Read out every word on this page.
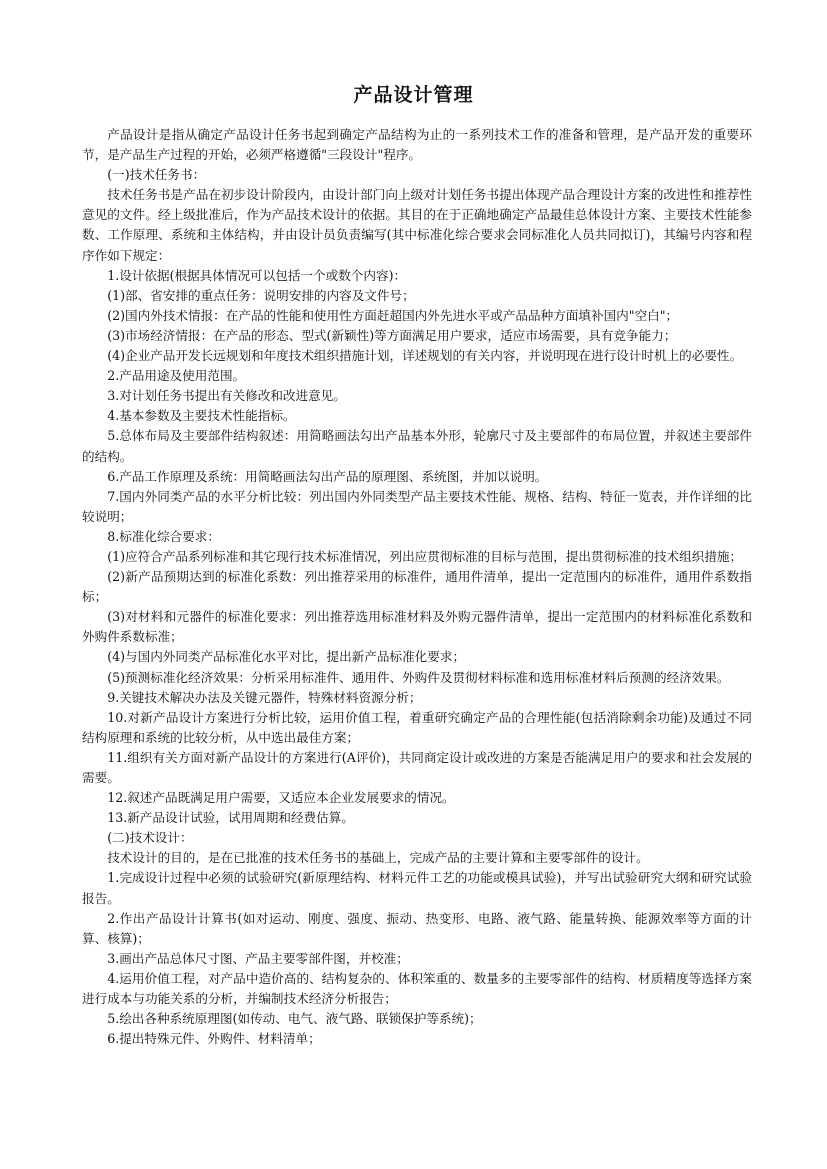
产品设计管理

产品设计是指从确定产品设计任务书起到确定产品结构为止的一系列技术工作的准备和管理，是产品开发的重要环节，是产品生产过程的开始，必须严格遵循"三段设计"程序。

(一)技术任务书：

技术任务书是产品在初步设计阶段内，由设计部门向上级对计划任务书提出体现产品合理设计方案的改进性和推荐性意见的文件。经上级批准后，作为产品技术设计的依据。其目的在于正确地确定产品最佳总体设计方案、主要技术性能参数、工作原理、系统和主体结构，并由设计员负责编写(其中标准化综合要求会同标准化人员共同拟订)，其编号内容和程序作如下规定：

1.设计依据(根据具体情况可以包括一个或数个内容)：

(1)部、省安排的重点任务：说明安排的内容及文件号；

(2)国内外技术情报：在产品的性能和使用性方面赶超国内外先进水平或产品品种方面填补国内"空白"；

(3)市场经济情报：在产品的形态、型式(新颖性)等方面满足用户要求，适应市场需要，具有竞争能力；

(4)企业产品开发长远规划和年度技术组织措施计划，详述规划的有关内容，并说明现在进行设计时机上的必要性。

2.产品用途及使用范围。

3.对计划任务书提出有关修改和改进意见。

4.基本参数及主要技术性能指标。

5.总体布局及主要部件结构叙述：用简略画法勾出产品基本外形，轮廓尺寸及主要部件的布局位置，并叙述主要部件的结构。

6.产品工作原理及系统：用简略画法勾出产品的原理图、系统图，并加以说明。

7.国内外同类产品的水平分析比较：列出国内外同类型产品主要技术性能、规格、结构、特征一览表，并作详细的比较说明；

8.标准化综合要求：

(1)应符合产品系列标准和其它现行技术标准情况，列出应贯彻标准的目标与范围，提出贯彻标准的技术组织措施；

(2)新产品预期达到的标准化系数：列出推荐采用的标准件，通用件清单，提出一定范围内的标准件，通用件系数指标；

(3)对材料和元器件的标准化要求：列出推荐选用标准材料及外购元器件清单，提出一定范围内的材料标准化系数和外购件系数标准；

(4)与国内外同类产品标准化水平对比，提出新产品标准化要求；

(5)预测标准化经济效果：分析采用标准件、通用件、外购件及贯彻材料标准和选用标准材料后预测的经济效果。

9.关键技术解决办法及关键元器件，特殊材料资源分析；

10.对新产品设计方案进行分析比较，运用价值工程，着重研究确定产品的合理性能(包括消除剩余功能)及通过不同结构原理和系统的比较分析，从中选出最佳方案；

11.组织有关方面对新产品设计的方案进行(A评价)，共同商定设计或改进的方案是否能满足用户的要求和社会发展的需要。

12.叙述产品既满足用户需要，又适应本企业发展要求的情况。

13.新产品设计试验，试用周期和经费估算。

(二)技术设计：

技术设计的目的，是在已批准的技术任务书的基础上，完成产品的主要计算和主要零部件的设计。

1.完成设计过程中必须的试验研究(新原理结构、材料元件工艺的功能或模具试验)，并写出试验研究大纲和研究试验报告。

2.作出产品设计计算书(如对运动、刚度、强度、振动、热变形、电路、液气路、能量转换、能源效率等方面的计算、核算)；

3.画出产品总体尺寸图、产品主要零部件图，并校准；

4.运用价值工程，对产品中造价高的、结构复杂的、体积笨重的、数量多的主要零部件的结构、材质精度等选择方案进行成本与功能关系的分析，并编制技术经济分析报告；

5.绘出各种系统原理图(如传动、电气、液气路、联锁保护等系统)；

6.提出特殊元件、外购件、材料清单；
